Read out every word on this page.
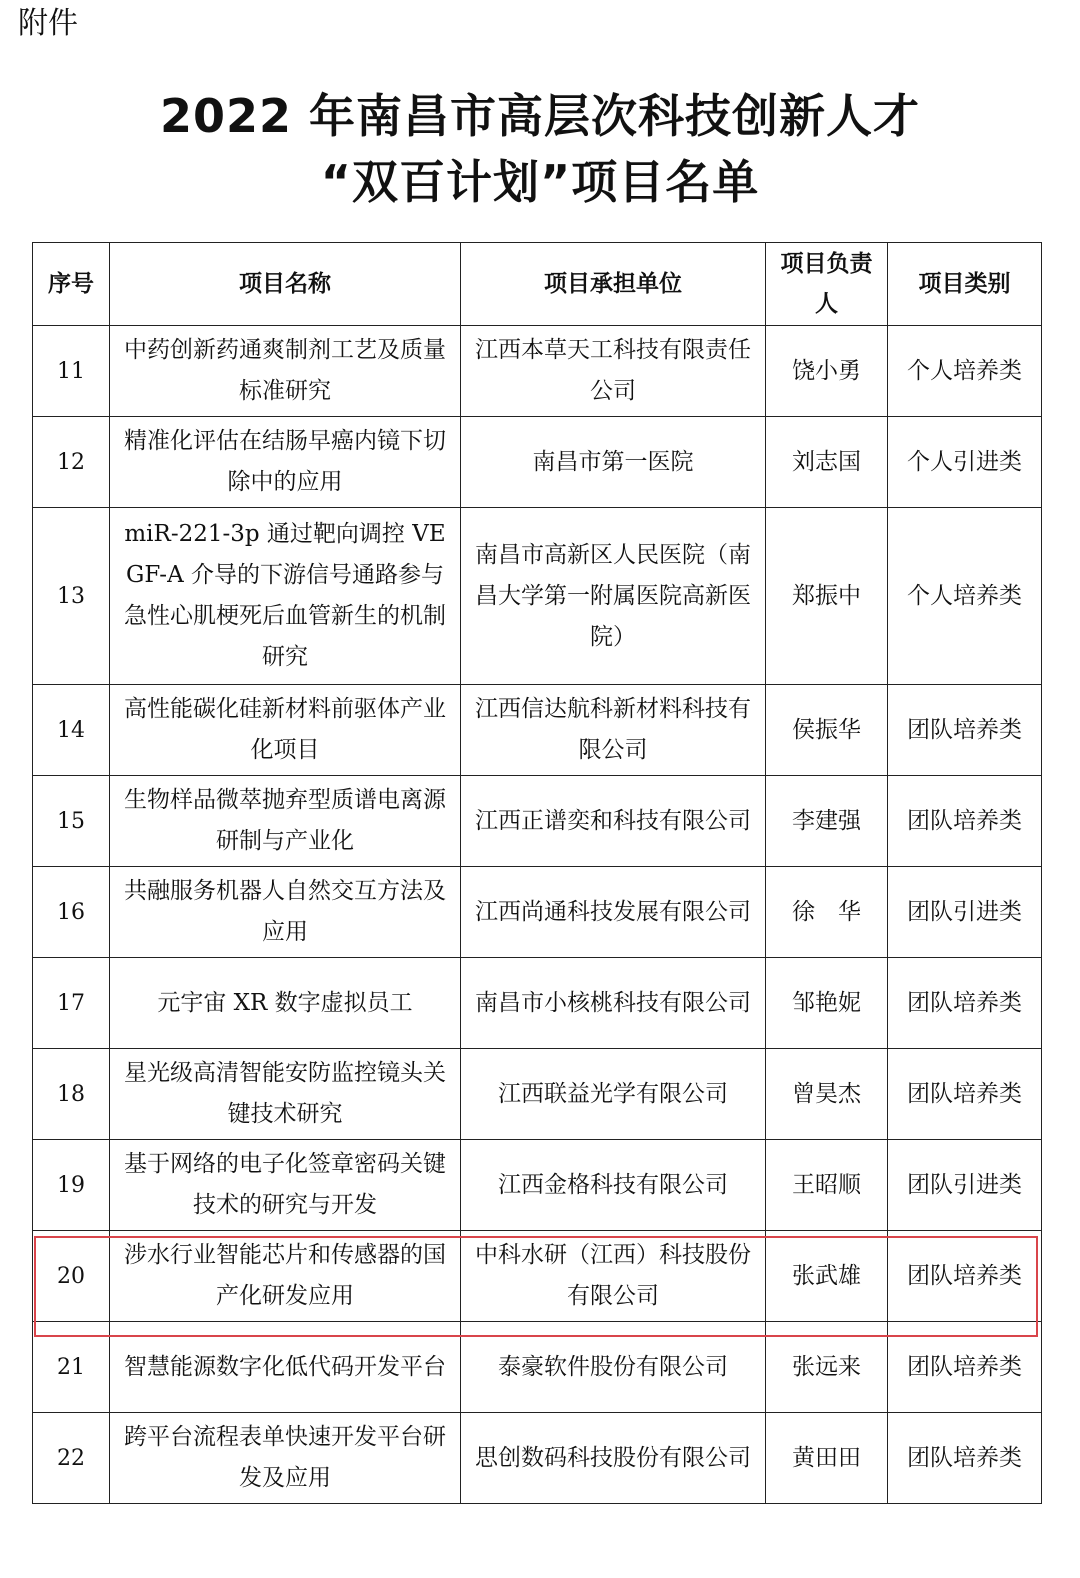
附件
2022 年南昌市高层次科技创新人才
“双百计划”项目名单
序号	项目名称	项目承担单位	项目负责人	项目类别
11	中药创新药通爽制剂工艺及质量标准研究	江西本草天工科技有限责任公司	饶小勇	个人培养类
12	精准化评估在结肠早癌内镜下切除中的应用	南昌市第一医院	刘志国	个人引进类
13	miR-221-3p 通过靶向调控 VEGF-A 介导的下游信号通路参与急性心肌梗死后血管新生的机制研究	南昌市高新区人民医院（南昌大学第一附属医院高新医院）	郑振中	个人培养类
14	高性能碳化硅新材料前驱体产业化项目	江西信达航科新材料科技有限公司	侯振华	团队培养类
15	生物样品微萃抛弃型质谱电离源研制与产业化	江西正谱奕和科技有限公司	李建强	团队培养类
16	共融服务机器人自然交互方法及应用	江西尚通科技发展有限公司	徐　华	团队引进类
17	元宇宙 XR 数字虚拟员工	南昌市小核桃科技有限公司	邹艳妮	团队培养类
18	星光级高清智能安防监控镜头关键技术研究	江西联益光学有限公司	曾昊杰	团队培养类
19	基于网络的电子化签章密码关键技术的研究与开发	江西金格科技有限公司	王昭顺	团队引进类
20	涉水行业智能芯片和传感器的国产化研发应用	中科水研（江西）科技股份有限公司	张武雄	团队培养类
21	智慧能源数字化低代码开发平台	泰豪软件股份有限公司	张远来	团队培养类
22	跨平台流程表单快速开发平台研发及应用	思创数码科技股份有限公司	黄田田	团队培养类
